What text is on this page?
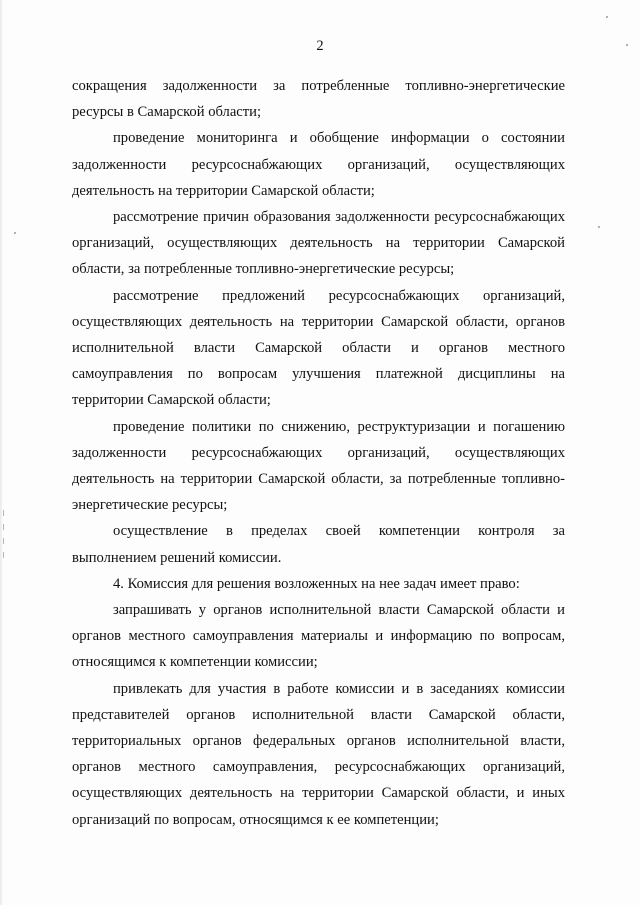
2

сокращения задолженности за потребленные топливно-энергетические ресурсы в Самарской области;

проведение мониторинга и обобщение информации о состоянии задолженности ресурсоснабжающих организаций, осуществляющих деятельность на территории Самарской области;

рассмотрение причин образования задолженности ресурсоснабжающих организаций, осуществляющих деятельность на территории Самарской области, за потребленные топливно-энергетические ресурсы;

рассмотрение предложений ресурсоснабжающих организаций, осуществляющих деятельность на территории Самарской области, органов исполнительной власти Самарской области и органов местного самоуправления по вопросам улучшения платежной дисциплины на территории Самарской области;

проведение политики по снижению, реструктуризации и погашению задолженности ресурсоснабжающих организаций, осуществляющих деятельность на территории Самарской области, за потребленные топливно-энергетические ресурсы;

осуществление в пределах своей компетенции контроля за выполнением решений комиссии.

4. Комиссия для решения возложенных на нее задач имеет право:

запрашивать у органов исполнительной власти Самарской области и органов местного самоуправления материалы и информацию по вопросам, относящимся к компетенции комиссии;

привлекать для участия в работе комиссии и в заседаниях комиссии представителей органов исполнительной власти Самарской области, территориальных органов федеральных органов исполнительной власти, органов местного самоуправления, ресурсоснабжающих организаций, осуществляющих деятельность на территории Самарской области, и иных организаций по вопросам, относящимся к ее компетенции;
